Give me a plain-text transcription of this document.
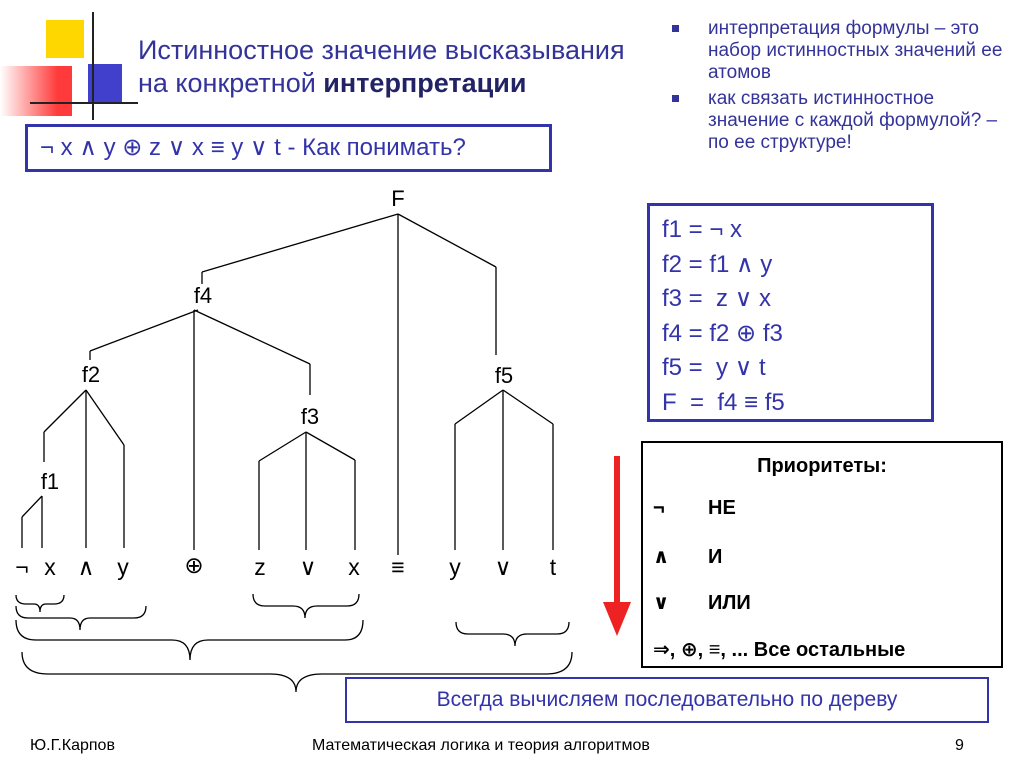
Истинностное значение высказывания
на конкретной интерпретации
интерпретация формулы – это набор истинностных значений ее атомов
как связать истинностное значение с каждой формулой? – по ее структуре!
¬ x ∧ y ⊕ z ∨ x ≡ y ∨ t - Как понимать?
F
f4
f2
f3
f5
f1
¬ x ∧ y ⊕ z ∨ x ≡ y ∨ t
f1 = ¬ x
f2 = f1 ∧ y
f3 =  z ∨ x
f4 = f2 ⊕ f3
f5 =  y ∨ t
F  =  f4 ≡ f5
Приоритеты:
¬ НЕ
∧ И
∨ ИЛИ
⇒, ⊕, ≡, ... Все остальные
Всегда вычисляем последовательно по дереву
Ю.Г.Карпов	Математическая логика и теория алгоритмов	9
